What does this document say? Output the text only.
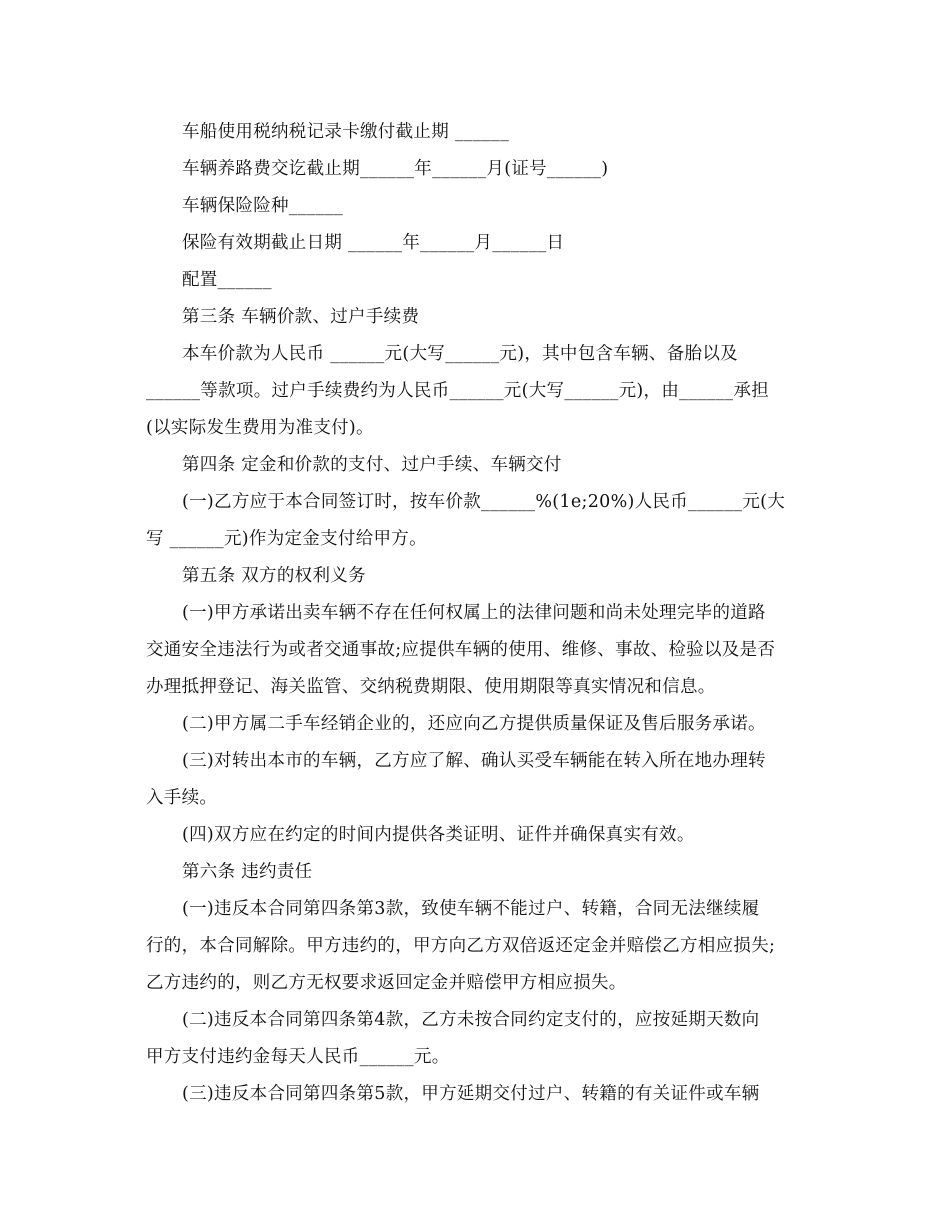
车船使用税纳税记录卡缴付截止期 ______
车辆养路费交讫截止期______年______月(证号______)
车辆保险险种______
保险有效期截止日期 ______年______月______日
配置______
第三条 车辆价款、过户手续费
本车价款为人民币 ______元(大写______元)，其中包含车辆、备胎以及
______等款项。过户手续费约为人民币______元(大写______元)，由______承担
(以实际发生费用为准支付)。
第四条 定金和价款的支付、过户手续、车辆交付
(一)乙方应于本合同签订时，按车价款______%(1e;20%)人民币______元(大
写 ______元)作为定金支付给甲方。
第五条 双方的权利义务
(一)甲方承诺出卖车辆不存在任何权属上的法律问题和尚未处理完毕的道路
交通安全违法行为或者交通事故;应提供车辆的使用、维修、事故、检验以及是否
办理抵押登记、海关监管、交纳税费期限、使用期限等真实情况和信息。
(二)甲方属二手车经销企业的，还应向乙方提供质量保证及售后服务承诺。
(三)对转出本市的车辆，乙方应了解、确认买受车辆能在转入所在地办理转
入手续。
(四)双方应在约定的时间内提供各类证明、证件并确保真实有效。
第六条 违约责任
(一)违反本合同第四条第3款，致使车辆不能过户、转籍，合同无法继续履
行的，本合同解除。甲方违约的，甲方向乙方双倍返还定金并赔偿乙方相应损失;
乙方违约的，则乙方无权要求返回定金并赔偿甲方相应损失。
(二)违反本合同第四条第4款，乙方未按合同约定支付的，应按延期天数向
甲方支付违约金每天人民币______元。
(三)违反本合同第四条第5款，甲方延期交付过户、转籍的有关证件或车辆
